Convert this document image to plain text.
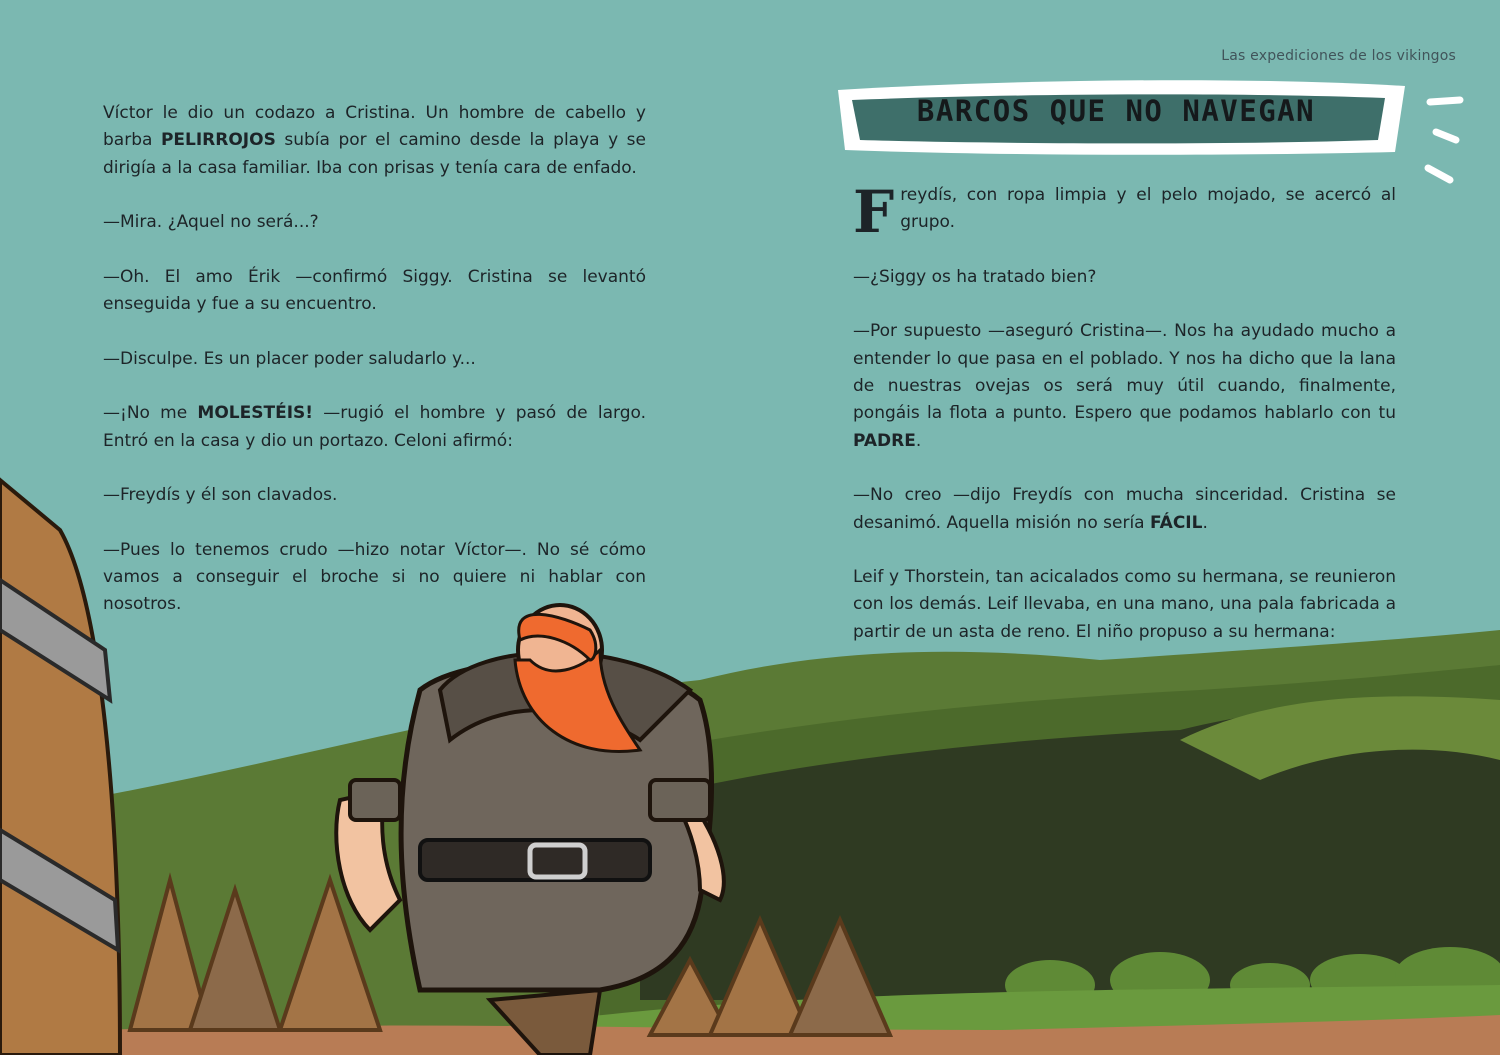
Las expediciones de los vikingos
BARCOS QUE NO NAVEGAN

Víctor le dio un codazo a Cristina. Un hombre de cabello y barba PELIRROJOS subía por el camino desde la playa y se dirigía a la casa familiar. Iba con prisas y tenía cara de enfado.

—Mira. ¿Aquel no será...?

—Oh. El amo Érik —confirmó Siggy. Cristina se levantó enseguida y fue a su encuentro.

—Disculpe. Es un placer poder saludarlo y...

—¡No me MOLESTÉIS! —rugió el hombre y pasó de largo. Entró en la casa y dio un portazo. Celoni afirmó:

—Freydís y él son clavados.

—Pues lo tenemos crudo —hizo notar Víctor—. No sé cómo vamos a conseguir el broche si no quiere ni hablar con nosotros.

Freydís, con ropa limpia y el pelo mojado, se acercó al grupo.

—¿Siggy os ha tratado bien?

—Por supuesto —aseguró Cristina—. Nos ha ayudado mucho a entender lo que pasa en el poblado. Y nos ha dicho que la lana de nuestras ovejas os será muy útil cuando, finalmente, pongáis la flota a punto. Espero que podamos hablarlo con tu PADRE.

—No creo —dijo Freydís con mucha sinceridad. Cristina se desanimó. Aquella misión no sería FÁCIL.

Leif y Thorstein, tan acicalados como su hermana, se reunieron con los demás. Leif llevaba, en una mano, una pala fabricada a partir de un asta de reno. El niño propuso a su hermana:
